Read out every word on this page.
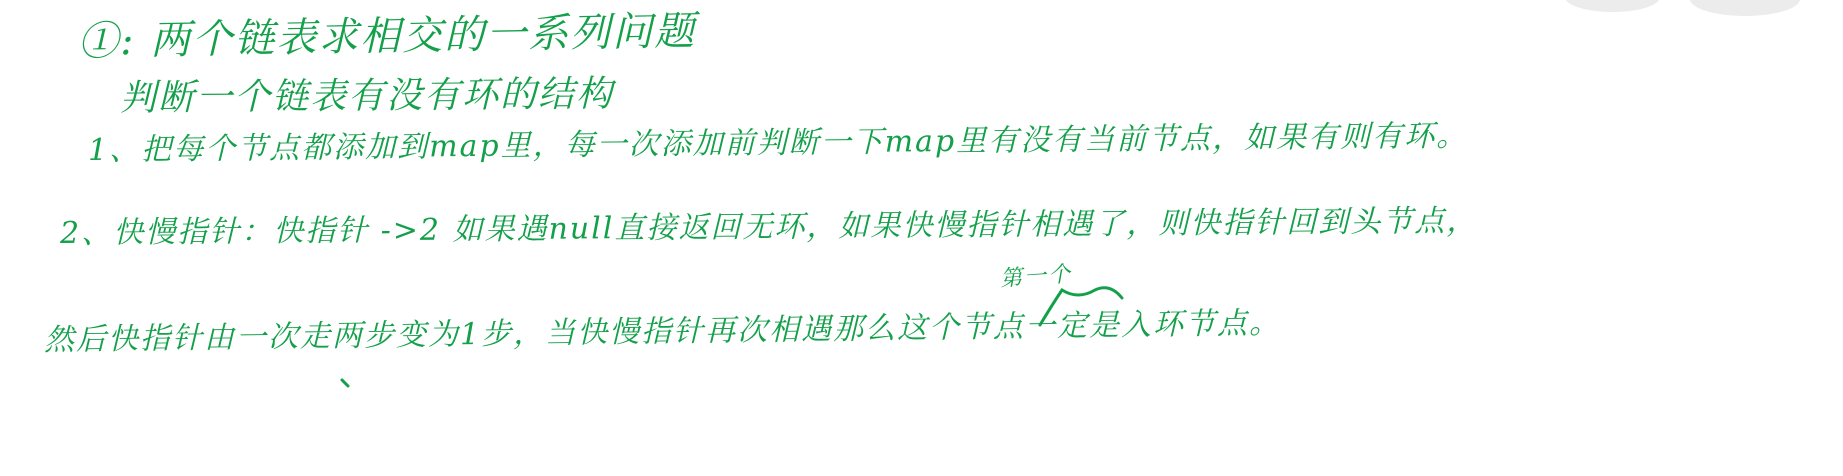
①: 两个链表求相交的一系列问题
判断一个链表有没有环的结构
1、把每个节点都添加到map里，每一次添加前判断一下map里有没有当前节点，如果有则有环。
2、快慢指针：快指针 ->2 如果遇null直接返回无环，如果快慢指针相遇了，则快指针回到头节点，
第一个
然后快指针由一次走两步变为1步，当快慢指针再次相遇那么这个节点一定是入环节点。
